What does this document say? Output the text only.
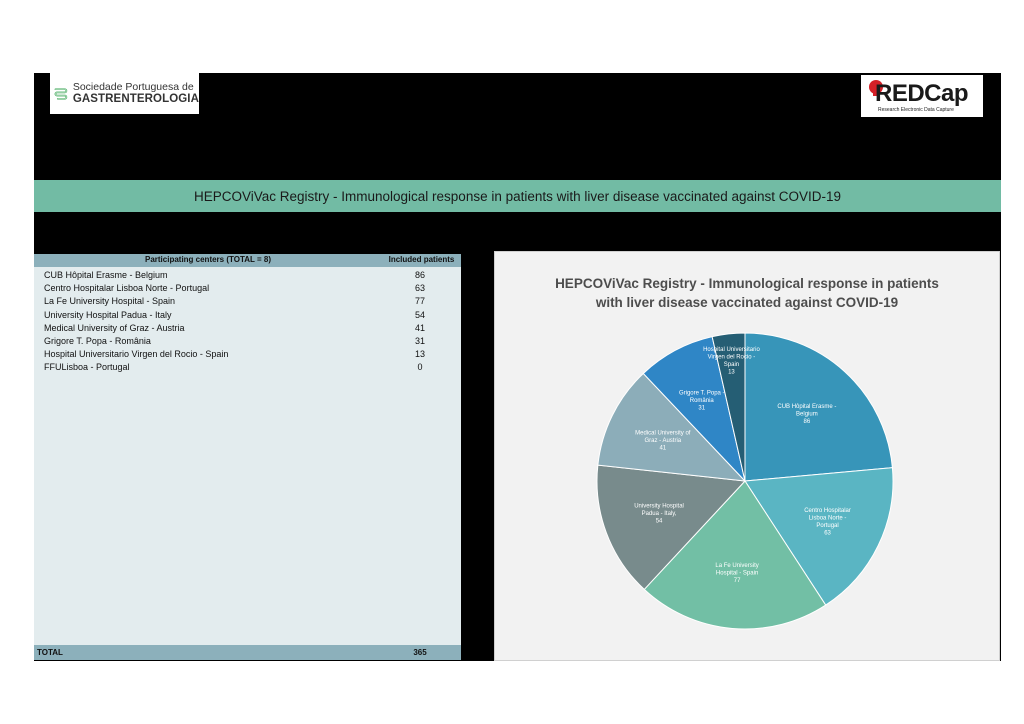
Sociedade Portuguesa de
GASTRENTEROLOGIA	REDCap
Research Electronic Data Capture
HEPCOViVac Registry - Immunological response in patients with liver disease vaccinated against COVID-19
Participating centers (TOTAL = 8)	Included patients
CUB Hôpital Erasme - Belgium	86
Centro Hospitalar Lisboa Norte - Portugal	63
La Fe University Hospital - Spain	77
University Hospital Padua - Italy	54
Medical University of Graz - Austria	41
Grigore T. Popa - România	31
Hospital Universitario Virgen del Rocio - Spain	13
FFULisboa - Portugal	0
TOTAL	365
HEPCOViVac Registry - Immunological response in patients
with liver disease vaccinated against COVID-19
CUB Hôpital Erasme -Belgium 86
Centro Hospitalar Lisboa Norte -Portugal 63
La Fe University Hospital - Spain 77
University Hospital Padua - Italy, 54
Medical University of Graz - Austria 41
Grigore T. Popa -România 31
Hospital Universitario Virgen del Rocio -Spain 13
